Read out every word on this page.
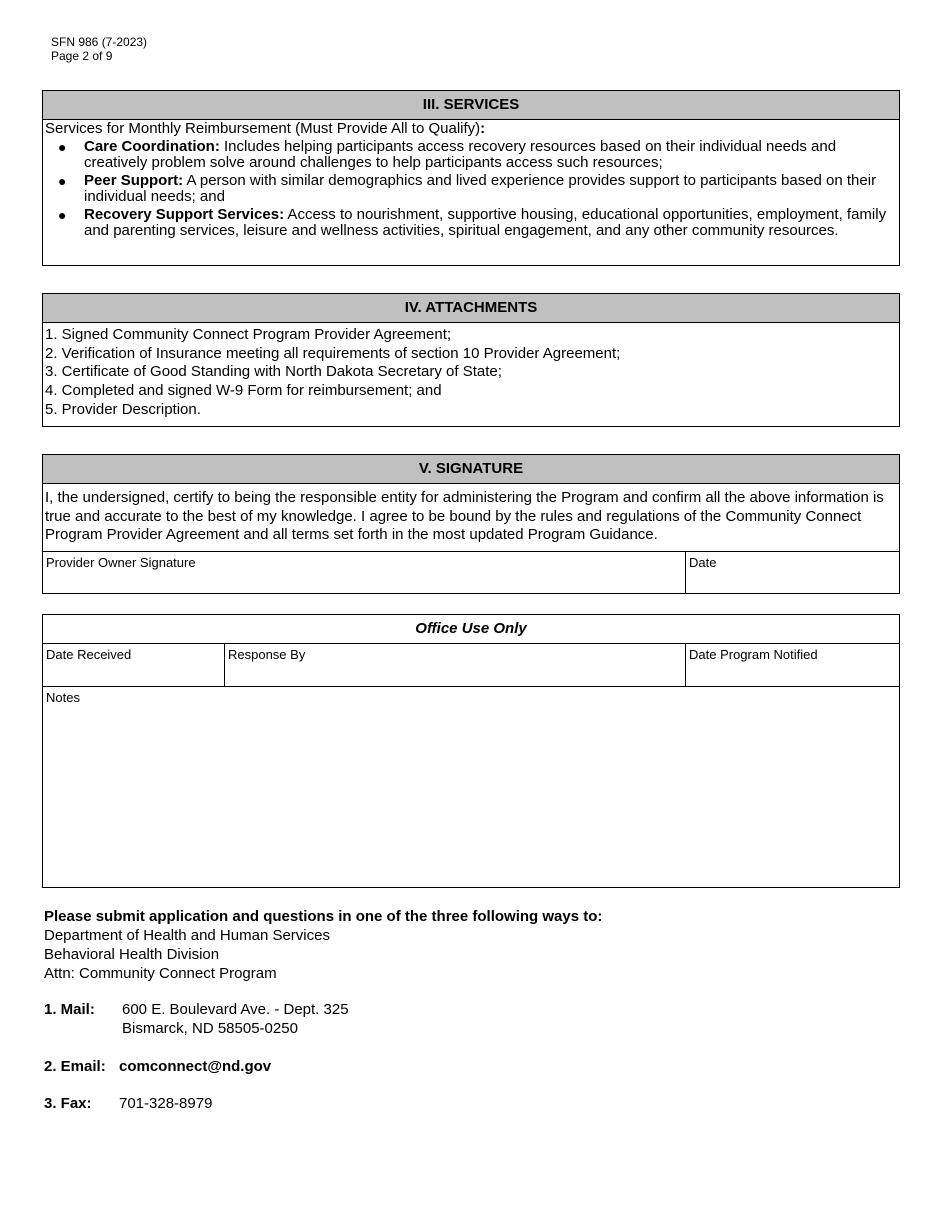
SFN 986 (7-2023)
Page 2 of 9
III. SERVICES
Services for Monthly Reimbursement (Must Provide All to Qualify):
● Care Coordination: Includes helping participants access recovery resources based on their individual needs and creatively problem solve around challenges to help participants access such resources;
● Peer Support: A person with similar demographics and lived experience provides support to participants based on their individual needs; and
● Recovery Support Services: Access to nourishment, supportive housing, educational opportunities, employment, family and parenting services, leisure and wellness activities, spiritual engagement, and any other community resources.
IV. ATTACHMENTS
1. Signed Community Connect Program Provider Agreement;
2. Verification of Insurance meeting all requirements of section 10 Provider Agreement;
3. Certificate of Good Standing with North Dakota Secretary of State;
4. Completed and signed W-9 Form for reimbursement; and
5. Provider Description.
V. SIGNATURE
I, the undersigned, certify to being the responsible entity for administering the Program and confirm all the above information is true and accurate to the best of my knowledge. I agree to be bound by the rules and regulations of the Community Connect Program Provider Agreement and all terms set forth in the most updated Program Guidance.
Provider Owner Signature	Date
Office Use Only
Date Received	Response By	Date Program Notified
Notes
Please submit application and questions in one of the three following ways to:
Department of Health and Human Services
Behavioral Health Division
Attn: Community Connect Program
1. Mail: 600 E. Boulevard Ave. - Dept. 325
Bismarck, ND 58505-0250
2. Email: comconnect@nd.gov
3. Fax: 701-328-8979
